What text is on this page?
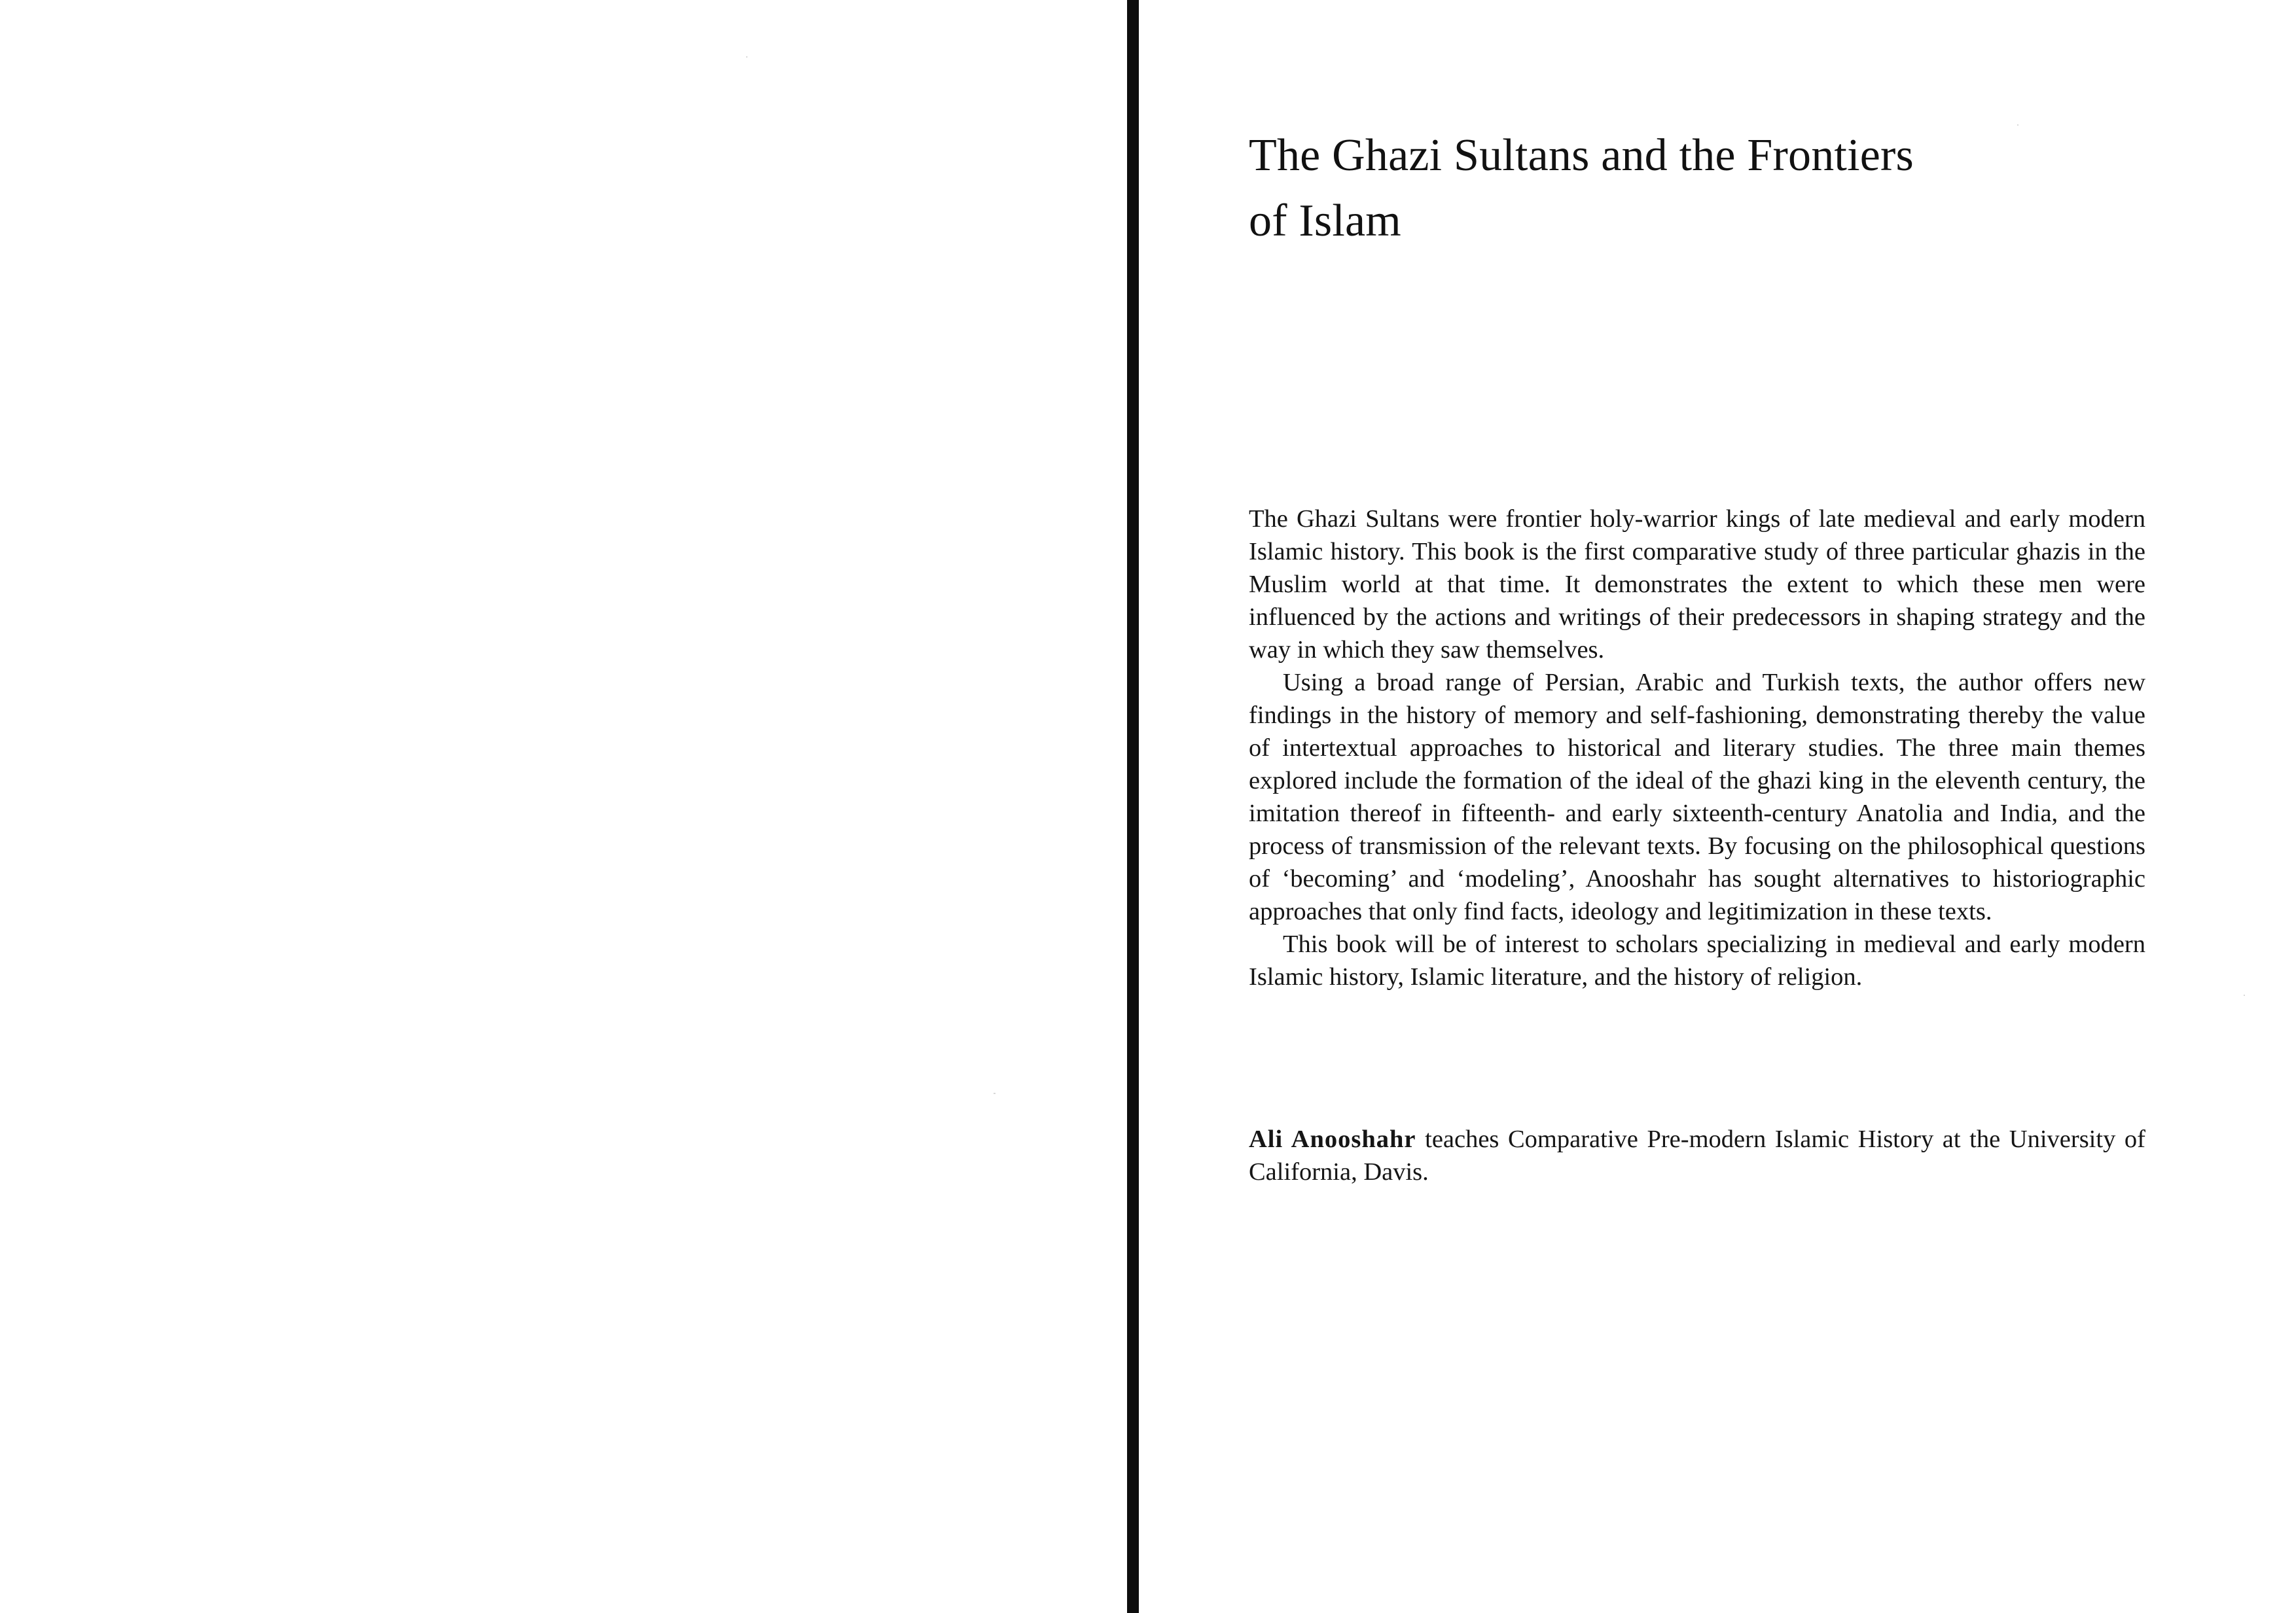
The Ghazi Sultans and the Frontiers
of Islam

The Ghazi Sultans were frontier holy-warrior kings of late medieval and early modern Islamic history. This book is the first comparative study of three particular ghazis in the Muslim world at that time. It demonstrates the extent to which these men were influenced by the actions and writings of their predecessors in shaping strategy and the way in which they saw themselves.

Using a broad range of Persian, Arabic and Turkish texts, the author offers new findings in the history of memory and self-fashioning, demonstrating thereby the value of intertextual approaches to historical and literary studies. The three main themes explored include the formation of the ideal of the ghazi king in the eleventh century, the imitation thereof in fifteenth- and early sixteenth-century Anatolia and India, and the process of transmission of the relevant texts. By focusing on the philosophical questions of ‘becoming’ and ‘modeling’, Anooshahr has sought alternatives to historiographic approaches that only find facts, ideology and legitimization in these texts.

This book will be of interest to scholars specializing in medieval and early modern Islamic history, Islamic literature, and the history of religion.

Ali Anooshahr teaches Comparative Pre-modern Islamic History at the University of California, Davis.
